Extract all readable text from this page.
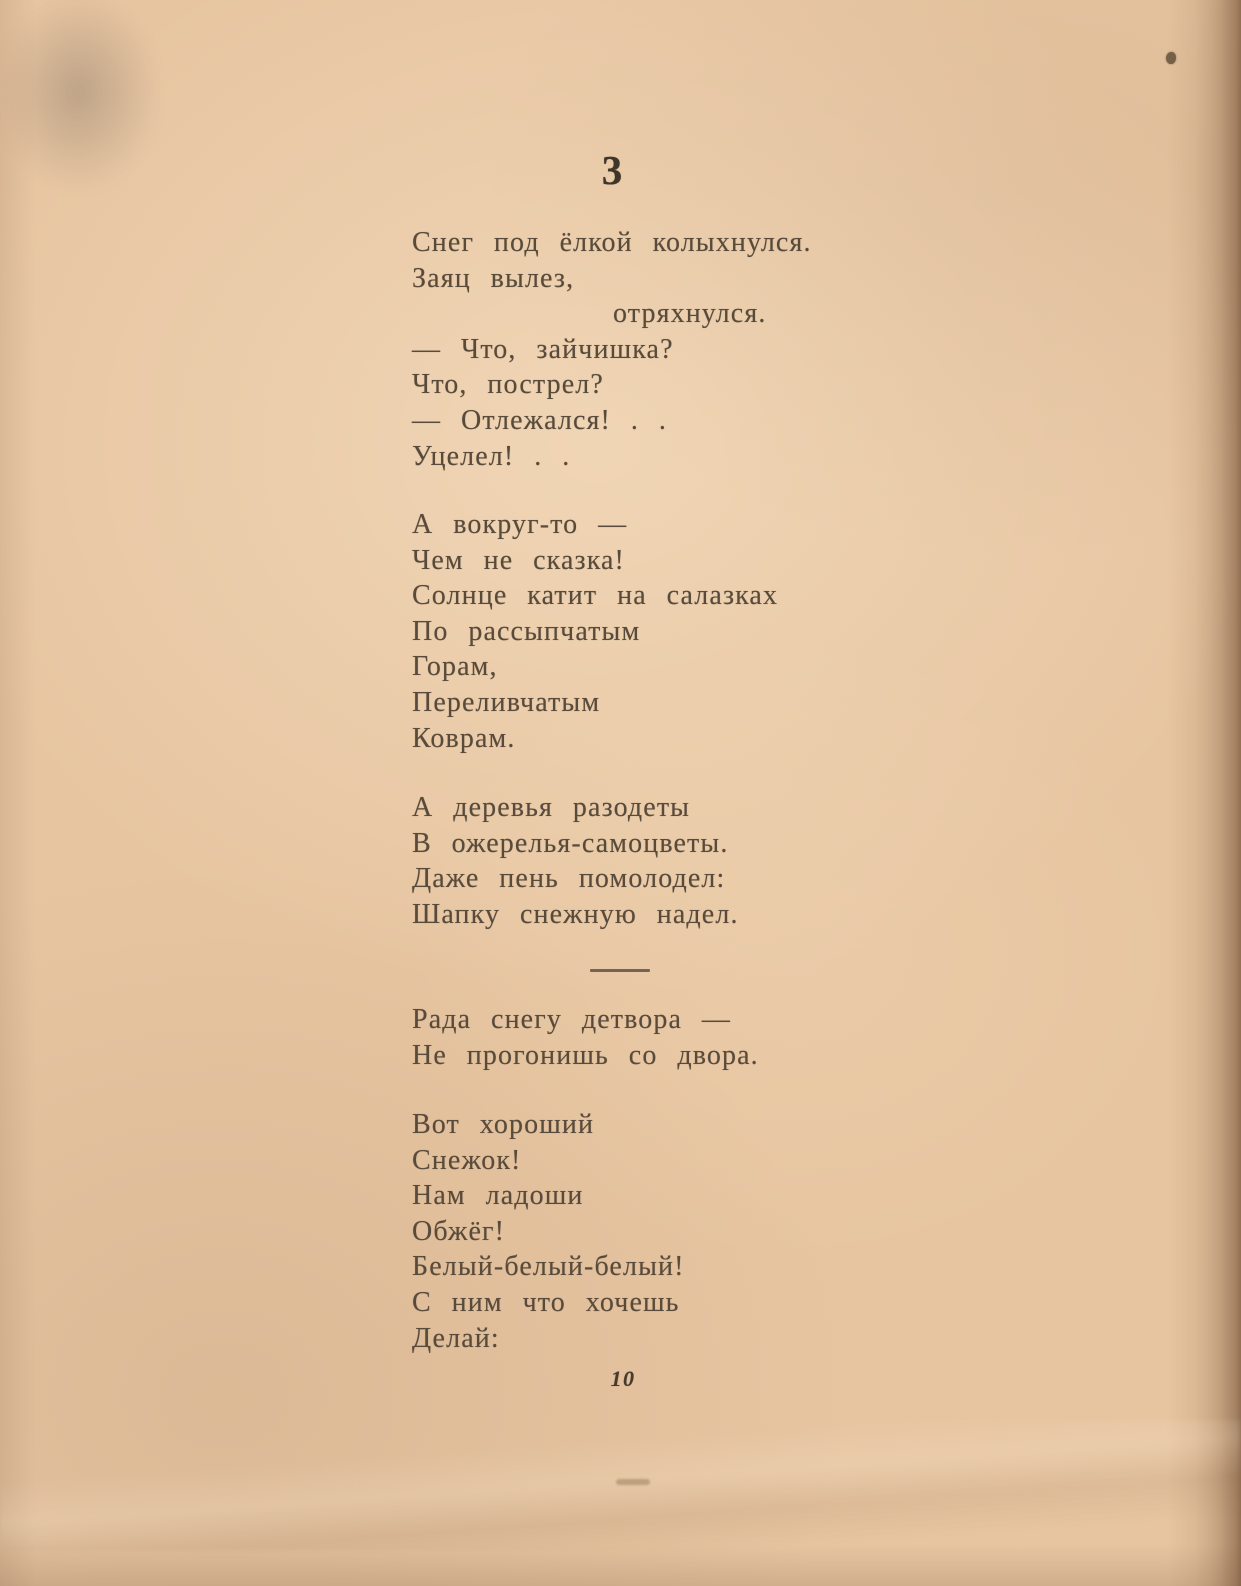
3
Снег под ёлкой колыхнулся.
Заяц вылез,
отряхнулся.
— Что, зайчишка?
Что, пострел?
— Отлежался! . .
Уцелел! . .
А вокруг-то —
Чем не сказка!
Солнце катит на салазках
По рассыпчатым
Горам,
Переливчатым
Коврам.
А деревья разодеты
В ожерелья-самоцветы.
Даже пень помолодел:
Шапку снежную надел.
Рада снегу детвора —
Не прогонишь со двора.
Вот хороший
Снежок!
Нам ладоши
Обжёг!
Белый-белый-белый!
С ним что хочешь
Делай:
10
